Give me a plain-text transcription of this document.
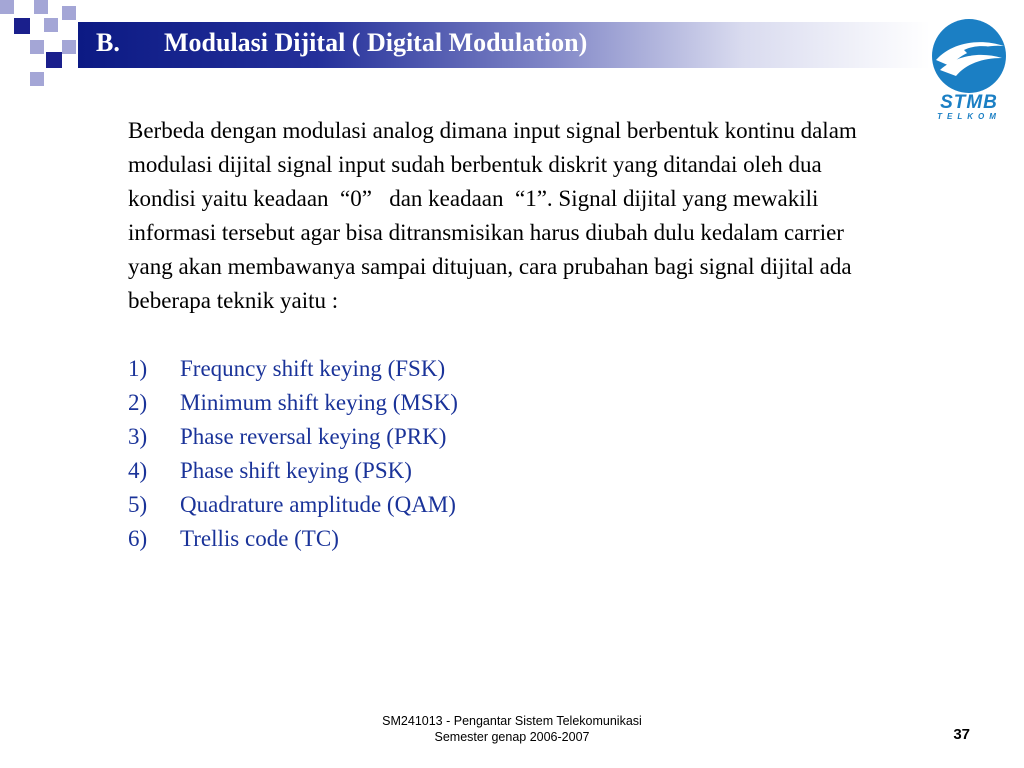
B. Modulasi Dijital ( Digital Modulation)
STMB
TELKOM

Berbeda dengan modulasi analog dimana input signal berbentuk kontinu dalam modulasi dijital signal input sudah berbentuk diskrit yang ditandai oleh dua kondisi yaitu keadaan  “0”   dan keadaan  “1”. Signal dijital yang mewakili informasi tersebut agar bisa ditransmisikan harus diubah dulu kedalam carrier yang akan membawanya sampai ditujuan, cara prubahan bagi signal dijital ada beberapa teknik yaitu :

1)	Frequncy shift keying (FSK)
2)	Minimum shift keying (MSK)
3)	Phase reversal keying (PRK)
4)	Phase shift keying (PSK)
5)	Quadrature amplitude (QAM)
6)	Trellis code (TC)
SM241013 - Pengantar Sistem Telekomunikasi
Semester genap 2006-2007	37
